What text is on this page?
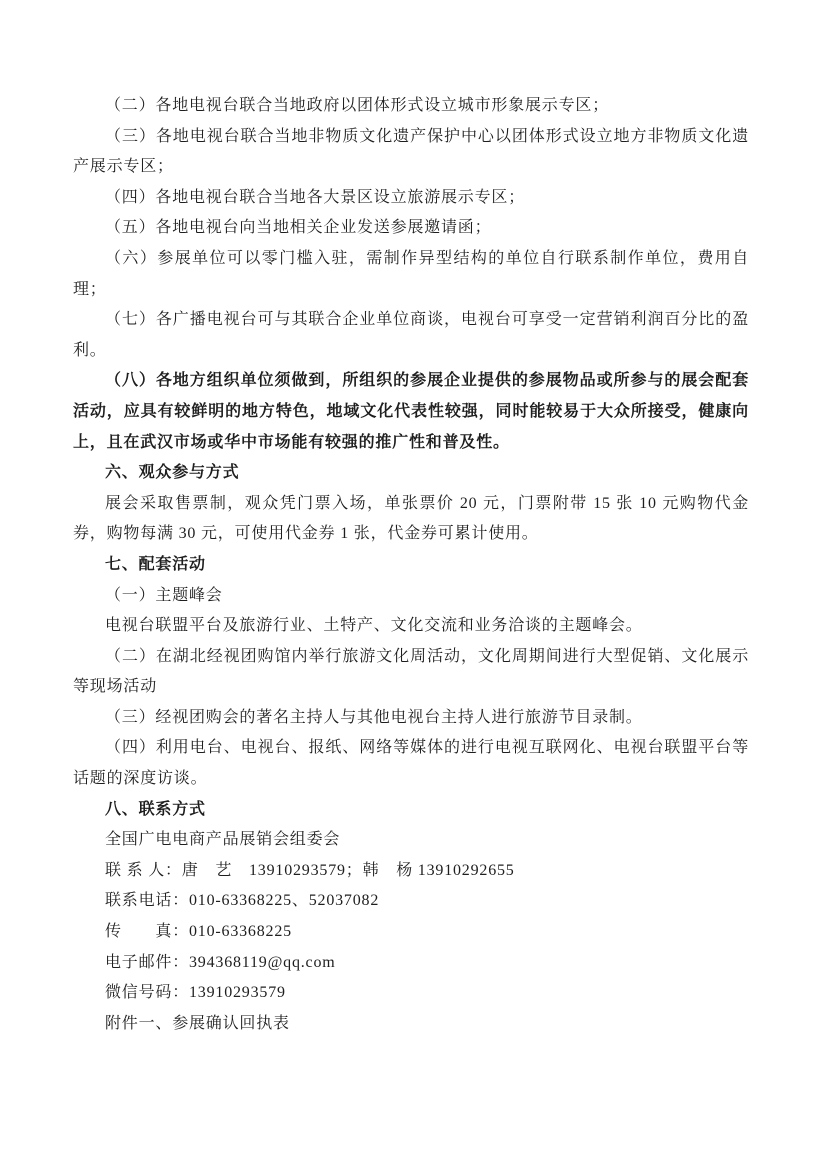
（二）各地电视台联合当地政府以团体形式设立城市形象展示专区；

（三）各地电视台联合当地非物质文化遗产保护中心以团体形式设立地方非物质文化遗产展示专区；

（四）各地电视台联合当地各大景区设立旅游展示专区；

（五）各地电视台向当地相关企业发送参展邀请函；

（六）参展单位可以零门槛入驻，需制作异型结构的单位自行联系制作单位，费用自理；

（七）各广播电视台可与其联合企业单位商谈，电视台可享受一定营销利润百分比的盈利。

（八）各地方组织单位须做到，所组织的参展企业提供的参展物品或所参与的展会配套活动，应具有较鲜明的地方特色，地域文化代表性较强，同时能较易于大众所接受，健康向上，且在武汉市场或华中市场能有较强的推广性和普及性。

六、观众参与方式

展会采取售票制，观众凭门票入场，单张票价 20 元，门票附带 15 张 10 元购物代金券，购物每满 30 元，可使用代金券 1 张，代金券可累计使用。

七、配套活动

（一）主题峰会

电视台联盟平台及旅游行业、土特产、文化交流和业务洽谈的主题峰会。

（二）在湖北经视团购馆内举行旅游文化周活动，文化周期间进行大型促销、文化展示等现场活动

（三）经视团购会的著名主持人与其他电视台主持人进行旅游节目录制。

（四）利用电台、电视台、报纸、网络等媒体的进行电视互联网化、电视台联盟平台等话题的深度访谈。

八、联系方式

全国广电电商产品展销会组委会

联 系 人：唐　艺　13910293579；韩　杨 13910292655

联系电话：010-63368225、52037082

传　　真：010-63368225

电子邮件：394368119@qq.com

微信号码：13910293579

附件一、参展确认回执表
